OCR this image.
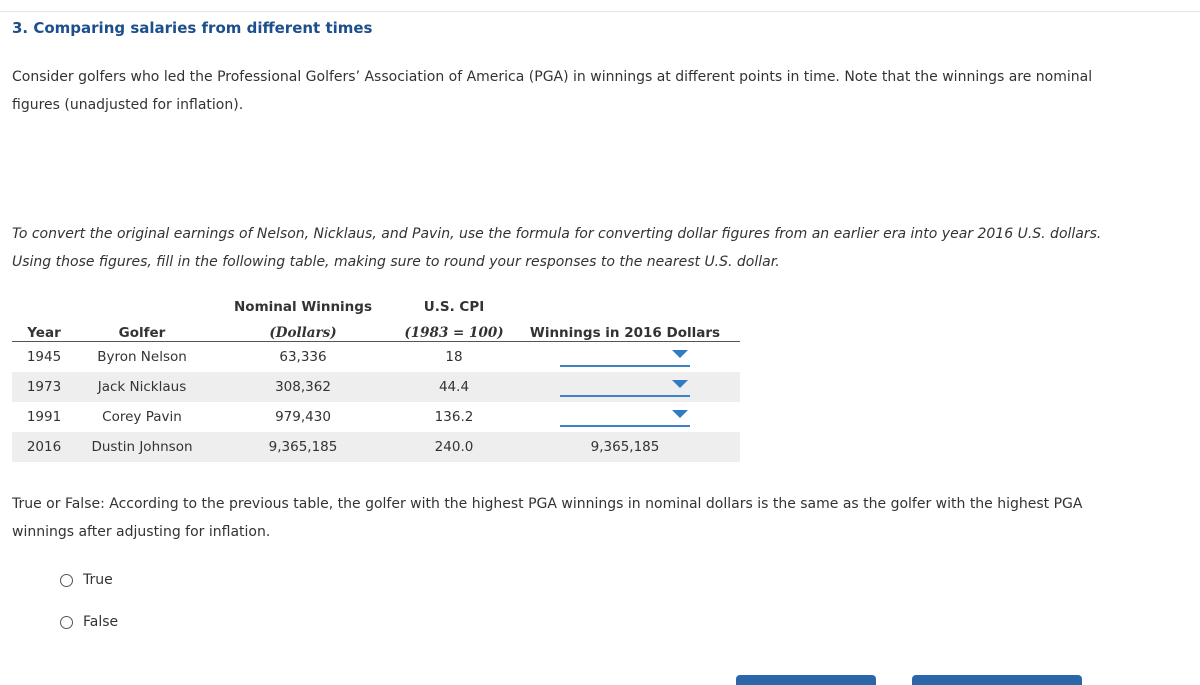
3. Comparing salaries from different times
Consider golfers who led the Professional Golfers’ Association of America (PGA) in winnings at different points in time. Note that the winnings are nominal figures (unadjusted for inflation).
To convert the original earnings of Nelson, Nicklaus, and Pavin, use the formula for converting dollar figures from an earlier era into year 2016 U.S. dollars. Using those figures, fill in the following table, making sure to round your responses to the nearest U.S. dollar.
		Nominal Winnings	U.S. CPI	
Year	Golfer	(Dollars)	(1983 = 100)	Winnings in 2016 Dollars
1945	Byron Nelson	63,336	18	

1973	Jack Nicklaus	308,362	44.4	

1991	Corey Pavin	979,430	136.2	

2016	Dustin Johnson	9,365,185	240.0	9,365,185
True or False: According to the previous table, the golfer with the highest PGA winnings in nominal dollars is the same as the golfer with the highest PGA winnings after adjusting for inflation.
True
False
